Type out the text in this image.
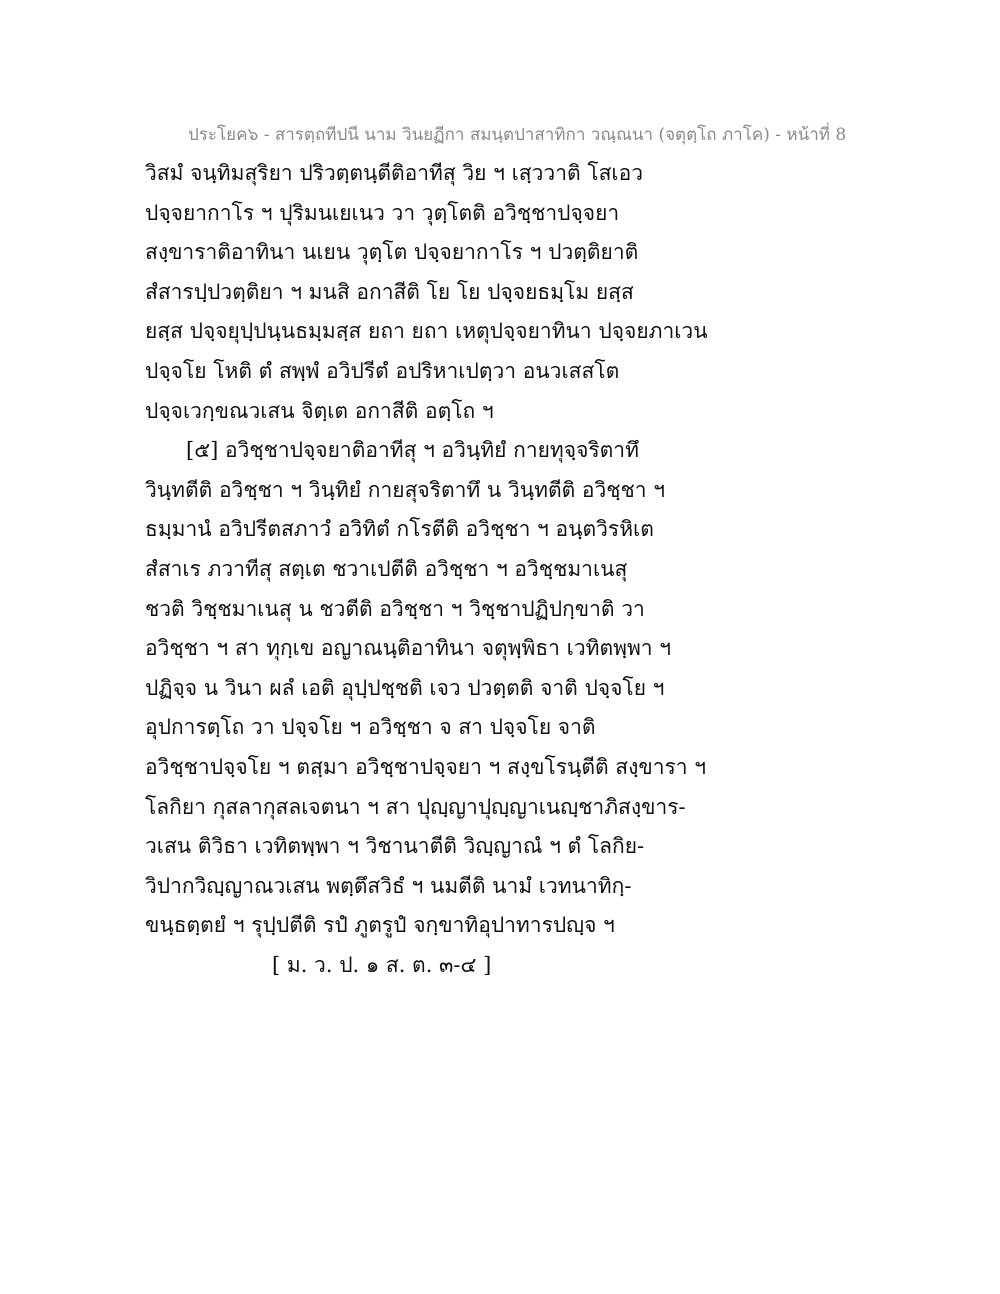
ประโยค๖ - สารตฺถทีปนี นาม วินยฏีกา สมนฺตปาสาทิกา วณฺณนา (จตุตฺโถ ภาโค) - หน้าที่ 8
วิสมํ จนฺทิมสุริยา ปริวตฺตนฺตีติอาทีสุ วิย ฯ เสฺววาติ โสเอว
ปจฺจยากาโร ฯ ปุริมนเยเนว วา วุตฺโตติ อวิชฺชาปจฺจยา
สงฺขาราติอาทินา นเยน วุตฺโต ปจฺจยากาโร ฯ ปวตฺติยาติ
สํสารปฺปวตฺติยา ฯ มนสิ อกาสีติ โย โย ปจฺจยธมฺโม ยสฺส
ยสฺส ปจฺจยุปฺปนฺนธมฺมสฺส ยถา ยถา เหตุปจฺจยาทินา ปจฺจยภาเวน
ปจฺจโย โหติ ตํ สพฺพํ อวิปรีตํ อปริหาเปตฺวา อนวเสสโต
ปจฺจเวกฺขณวเสน จิตฺเต อกาสีติ อตฺโถ ฯ
[๕] อวิชฺชาปจฺจยาติอาทีสุ ฯ อวินฺทิยํ กายทุจฺจริตาทึ
วินฺทตีติ อวิชฺชา ฯ วินฺทิยํ กายสุจริตาทึ น วินฺทตีติ อวิชฺชา ฯ
ธมฺมานํ อวิปรีตสภาวํ อวิทิตํ กโรตีติ อวิชฺชา ฯ อนฺตวิรหิเต
สํสาเร ภวาทีสุ สตฺเต ชวาเปตีติ อวิชฺชา ฯ อวิชฺชมาเนสุ
ชวติ วิชฺชมาเนสุ น ชวตีติ อวิชฺชา ฯ วิชฺชาปฏิปกฺขาติ วา
อวิชฺชา ฯ สา ทุกฺเข อญาณนฺติอาทินา จตุพฺพิธา เวทิตพฺพา ฯ
ปฏิจฺจ น วินา ผลํ เอติ อุปฺปชฺชติ เจว ปวตฺตติ จาติ ปจฺจโย ฯ
อุปการตฺโถ วา ปจฺจโย ฯ อวิชฺชา จ สา ปจฺจโย จาติ
อวิชฺชาปจฺจโย ฯ ตสฺมา อวิชฺชาปจฺจยา ฯ สงฺขโรนฺตีติ สงฺขารา ฯ
โลกิยา กุสลากุสลเจตนา ฯ สา ปุญฺญาปุญฺญาเนญฺชาภิสงฺขาร-
วเสน ติวิธา เวทิตพฺพา ฯ วิชานาตีติ วิญฺญาณํ ฯ ตํ โลกิย-
วิปากวิญฺญาณวเสน พตฺตึสวิธํ ฯ นมตีติ นามํ เวทนาทิกฺ-
ขนฺธตฺตยํ ฯ รุปฺปตีติ รปํ ภูตรูปํ จกฺขาทิอุปาทารปญฺจ ฯ
[ ม. ว. ป. ๑ ส. ต. ๓-๔ ]
